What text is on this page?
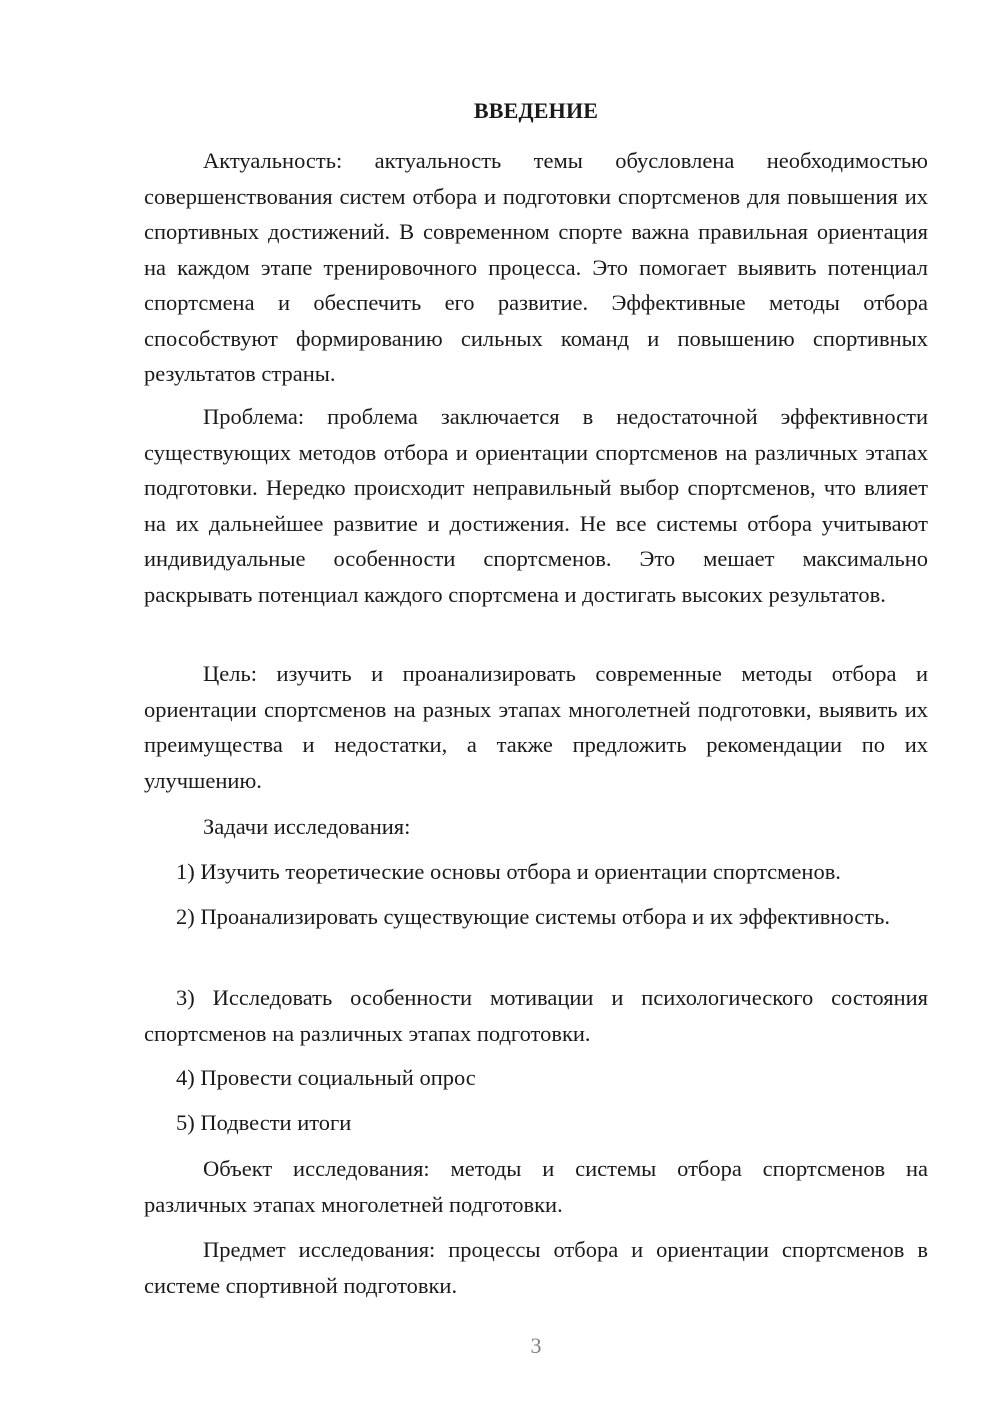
ВВЕДЕНИЕ

Актуальность: актуальность темы обусловлена необходимостью совершенствования систем отбора и подготовки спортсменов для повышения их спортивных достижений. В современном спорте важна правильная ориентация на каждом этапе тренировочного процесса. Это помогает выявить потенциал спортсмена и обеспечить его развитие. Эффективные методы отбора способствуют формированию сильных команд и повышению спортивных результатов страны.

Проблема: проблема заключается в недостаточной эффективности существующих методов отбора и ориентации спортсменов на различных этапах подготовки. Нередко происходит неправильный выбор спортсменов, что влияет на их дальнейшее развитие и достижения. Не все системы отбора учитывают индивидуальные особенности спортсменов. Это мешает максимально раскрывать потенциал каждого спортсмена и достигать высоких результатов.

Цель: изучить и проанализировать современные методы отбора и ориентации спортсменов на разных этапах многолетней подготовки, выявить их преимущества и недостатки, а также предложить рекомендации по их улучшению.

Задачи исследования:

1) Изучить теоретические основы отбора и ориентации спортсменов.

2) Проанализировать существующие системы отбора и их эффективность.

3) Исследовать особенности мотивации и психологического состояния спортсменов на различных этапах подготовки.

4) Провести социальный опрос

5) Подвести итоги

Объект исследования: методы и системы отбора спортсменов на различных этапах многолетней подготовки.

Предмет исследования: процессы отбора и ориентации спортсменов в системе спортивной подготовки.

3
